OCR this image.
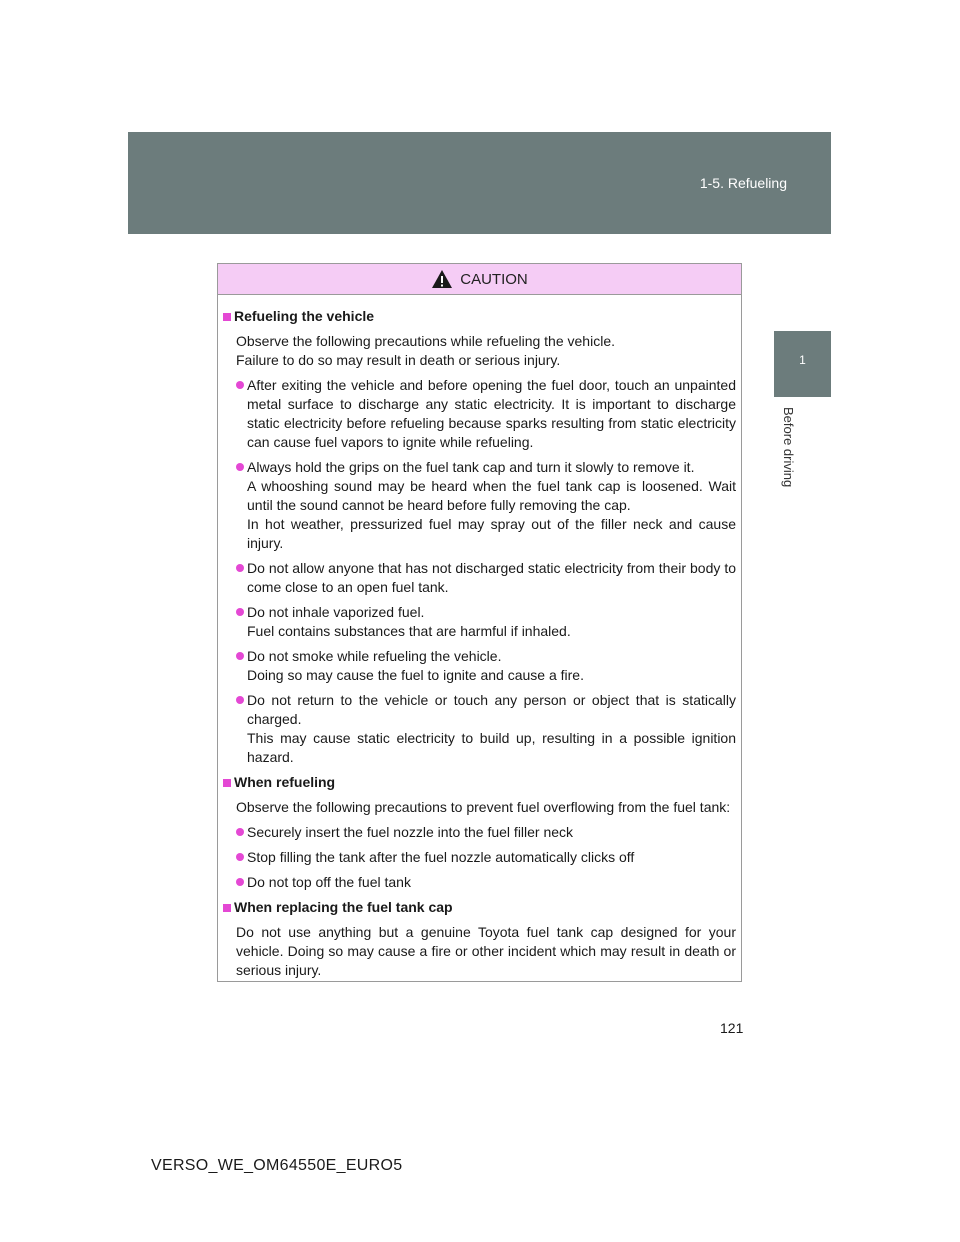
1-5. Refueling
1
Before driving
CAUTION
Refueling the vehicle
Observe the following precautions while refueling the vehicle.
Failure to do so may result in death or serious injury.
After exiting the vehicle and before opening the fuel door, touch an unpainted metal surface to discharge any static electricity. It is important to discharge static electricity before refueling because sparks resulting from static electricity can cause fuel vapors to ignite while refueling.
Always hold the grips on the fuel tank cap and turn it slowly to remove it.
A whooshing sound may be heard when the fuel tank cap is loosened. Wait until the sound cannot be heard before fully removing the cap.
In hot weather, pressurized fuel may spray out of the filler neck and cause injury.
Do not allow anyone that has not discharged static electricity from their body to come close to an open fuel tank.
Do not inhale vaporized fuel.
Fuel contains substances that are harmful if inhaled.
Do not smoke while refueling the vehicle.
Doing so may cause the fuel to ignite and cause a fire.
Do not return to the vehicle or touch any person or object that is statically charged.
This may cause static electricity to build up, resulting in a possible ignition hazard.
When refueling
Observe the following precautions to prevent fuel overflowing from the fuel tank:
Securely insert the fuel nozzle into the fuel filler neck
Stop filling the tank after the fuel nozzle automatically clicks off
Do not top off the fuel tank
When replacing the fuel tank cap
Do not use anything but a genuine Toyota fuel tank cap designed for your vehicle. Doing so may cause a fire or other incident which may result in death or serious injury.
121
VERSO_WE_OM64550E_EURO5
